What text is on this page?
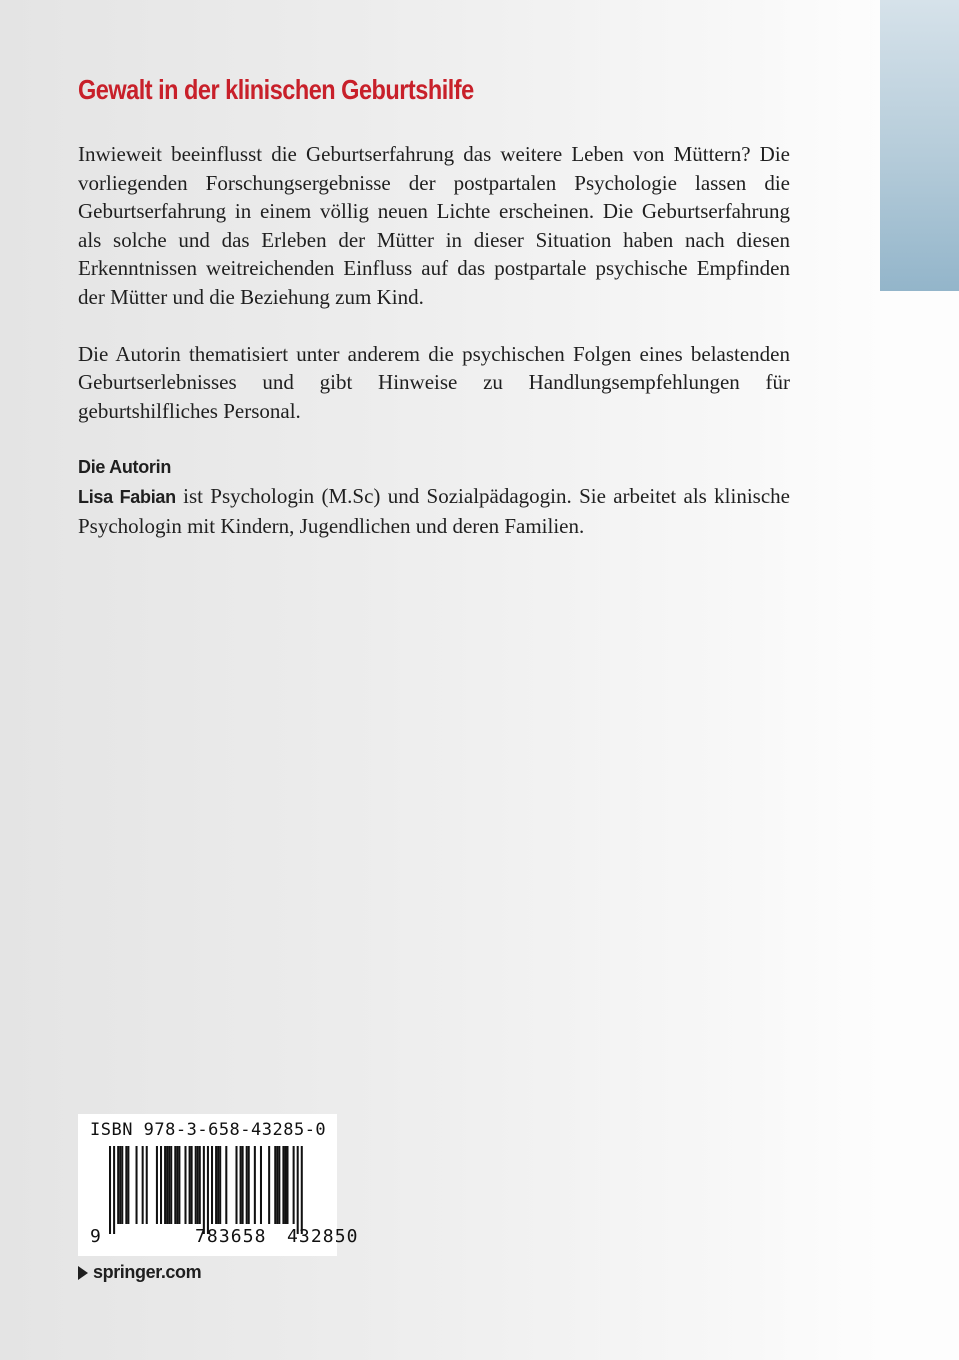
Gewalt in der klinischen Geburtshilfe

Inwieweit beeinflusst die Geburtserfahrung das weitere Leben von Müttern? Die vorliegenden Forschungsergebnisse der postpartalen Psychologie lassen die Geburtserfahrung in einem völlig neuen Lichte erscheinen. Die Geburtserfahrung als solche und das Erleben der Mütter in dieser Situation haben nach diesen Erkenntnissen weitreichenden Einfluss auf das postpartale psychische Empfinden der Mütter und die Beziehung zum Kind.

Die Autorin thematisiert unter anderem die psychischen Folgen eines belastenden Geburtserlebnisses und gibt Hinweise zu Handlungsempfehlungen für geburtshilfliches Personal.

Die Autorin

Lisa Fabian ist Psychologin (M.Sc) und Sozialpädagogin. Sie arbeitet als klinische Psychologin mit Kindern, Jugendlichen und deren Familien.

ISBN 978-3-658-43285-0
9	783658 432850
springer.com
